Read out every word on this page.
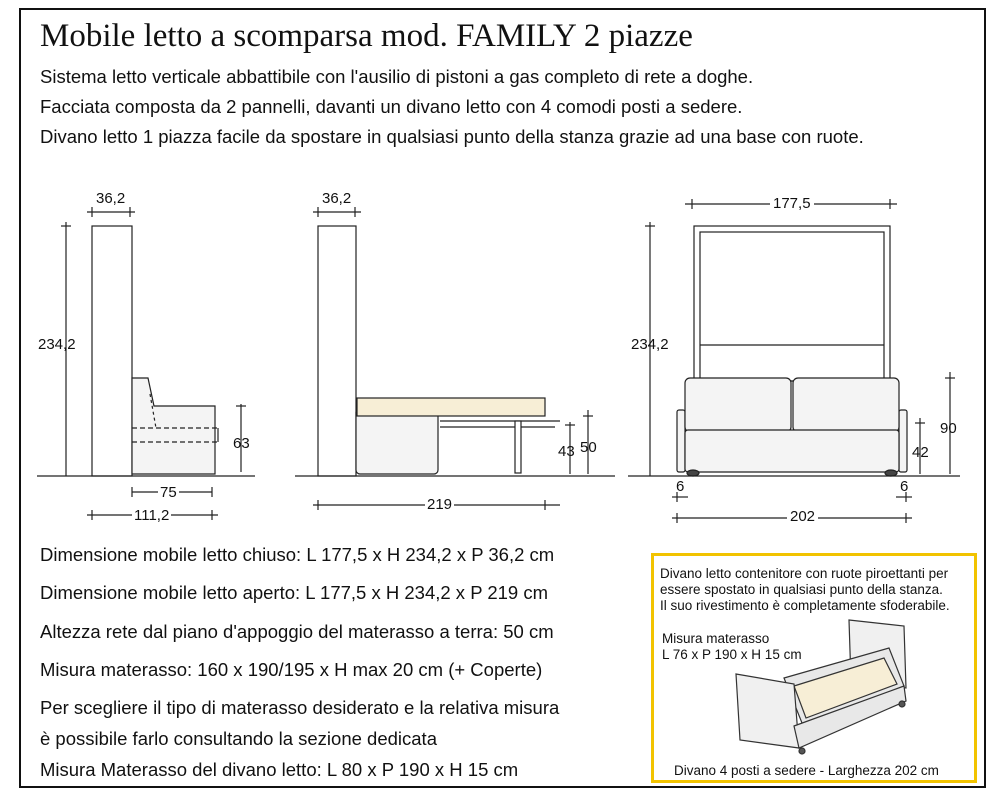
Mobile letto a scomparsa mod. FAMILY 2 piazze
Sistema letto verticale abbattibile con l'ausilio di pistoni a gas completo di rete a doghe.
Facciata composta da 2 pannelli, davanti un divano letto con 4 comodi posti a sedere.
Divano letto 1 piazza facile da spostare in qualsiasi punto della stanza grazie ad una base con ruote.
36,2
234,2
63
75
111,2
36,2
43 50
219
177,5
234,2
90
42
6	6
202
Dimensione mobile letto chiuso: L 177,5 x H 234,2 x P 36,2 cm
Dimensione mobile letto aperto: L 177,5 x H 234,2 x P 219 cm
Altezza rete dal piano d'appoggio del materasso a terra: 50 cm
Misura materasso: 160 x 190/195 x H max 20 cm (+ Coperte)
Per scegliere il tipo di materasso desiderato e la relativa misura
è possibile farlo consultando la sezione dedicata
Misura Materasso del divano letto: L 80 x P 190 x H 15 cm
Divano letto contenitore con ruote piroettanti per
essere spostato in qualsiasi punto della stanza.
Il suo rivestimento è completamente sfoderabile.
Misura materasso
L 76 x P 190 x H 15 cm
Divano 4 posti a sedere - Larghezza 202 cm
